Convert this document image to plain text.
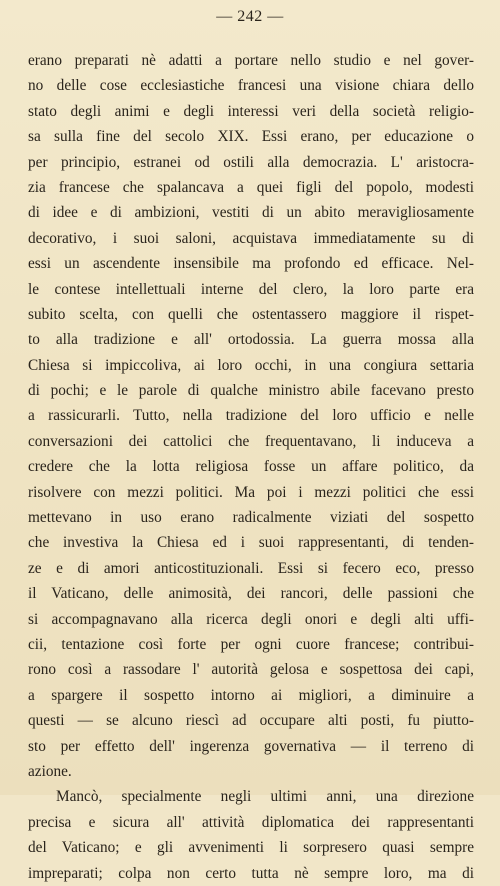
— 242 —
erano preparati nè adatti a portare nello studio e nel gover-
no delle cose ecclesiastiche francesi una visione chiara dello
stato degli animi e degli interessi veri della società religio-
sa sulla fine del secolo XIX. Essi erano, per educazione o
per principio, estranei od ostili alla democrazia. L' aristocra-
zia francese che spalancava a quei figli del popolo, modesti
di idee e di ambizioni, vestiti di un abito meravigliosamente
decorativo, i suoi saloni, acquistava immediatamente su di
essi un ascendente insensibile ma profondo ed efficace. Nel-
le contese intellettuali interne del clero, la loro parte era
subito scelta, con quelli che ostentassero maggiore il rispet-
to alla tradizione e all' ortodossia. La guerra mossa alla
Chiesa si impiccoliva, ai loro occhi, in una congiura settaria
di pochi; e le parole di qualche ministro abile facevano presto
a rassicurarli. Tutto, nella tradizione del loro ufficio e nelle
conversazioni dei cattolici che frequentavano, li induceva a
credere che la lotta religiosa fosse un affare politico, da
risolvere con mezzi politici. Ma poi i mezzi politici che essi
mettevano in uso erano radicalmente viziati del sospetto
che investiva la Chiesa ed i suoi rappresentanti, di tenden-
ze e di amori anticostituzionali. Essi si fecero eco, presso
il Vaticano, delle animosità, dei rancori, delle passioni che
si accompagnavano alla ricerca degli onori e degli alti uffi-
cii, tentazione così forte per ogni cuore francese; contribui-
rono così a rassodare l' autorità gelosa e sospettosa dei capi,
a spargere il sospetto intorno ai migliori, a diminuire a
questi — se alcuno riescì ad occupare alti posti, fu piutto-
sto per effetto dell' ingerenza governativa — il terreno di
azione.
Mancò, specialmente negli ultimi anni, una direzione
precisa e sicura all' attività diplomatica dei rappresentanti
del Vaticano; e gli avvenimenti li sorpresero quasi sempre
impreparati; colpa non certo tutta nè sempre loro, ma di
